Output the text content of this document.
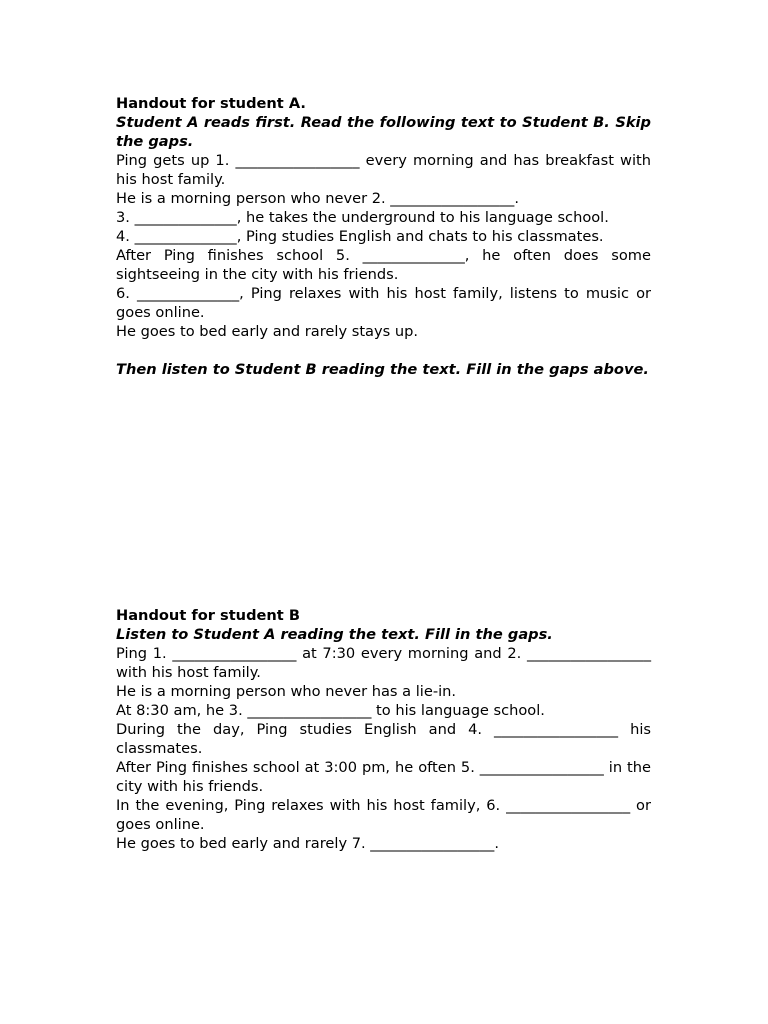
Handout for student A.

Student A reads first. Read the following text to Student B. Skip the gaps.

Ping gets up 1. _________________ every morning and has breakfast with his host family.

He is a morning person who never 2. _________________.

3. ______________, he takes the underground to his language school.

4. ______________, Ping studies English and chats to his classmates.

After Ping finishes school 5. ______________, he often does some sightseeing in the city with his friends.

6. ______________, Ping relaxes with his host family, listens to music or goes online.

He goes to bed early and rarely stays up.

Then listen to Student B reading the text. Fill in the gaps above.

Handout for student B

Listen to Student A reading the text. Fill in the gaps.

Ping 1. _________________ at 7:30 every morning and 2. _________________ with his host family.

He is a morning person who never has a lie-in.

At 8:30 am, he 3. _________________ to his language school.

During the day, Ping studies English and 4. _________________ his classmates.

After Ping finishes school at 3:00 pm, he often 5. _________________ in the city with his friends.

In the evening, Ping relaxes with his host family, 6. _________________ or goes online.

He goes to bed early and rarely 7. _________________.
